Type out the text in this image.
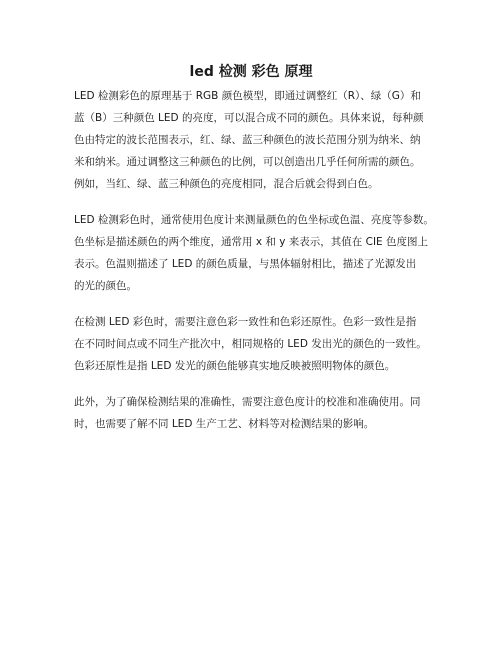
led 检测 彩色 原理
LED 检测彩色的原理基于 RGB 颜色模型，即通过调整红（R）、绿（G）和
蓝（B）三种颜色 LED 的亮度，可以混合成不同的颜色。具体来说，每种颜
色由特定的波长范围表示，红、绿、蓝三种颜色的波长范围分别为纳米、纳
米和纳米。通过调整这三种颜色的比例，可以创造出几乎任何所需的颜色。
例如，当红、绿、蓝三种颜色的亮度相同，混合后就会得到白色。
LED 检测彩色时，通常使用色度计来测量颜色的色坐标或色温、亮度等参数。
色坐标是描述颜色的两个维度，通常用 x 和 y 来表示，其值在 CIE 色度图上
表示。色温则描述了 LED 的颜色质量，与黑体辐射相比，描述了光源发出
的光的颜色。
在检测 LED 彩色时，需要注意色彩一致性和色彩还原性。色彩一致性是指
在不同时间点或不同生产批次中，相同规格的 LED 发出光的颜色的一致性。
色彩还原性是指 LED 发光的颜色能够真实地反映被照明物体的颜色。
此外，为了确保检测结果的准确性，需要注意色度计的校准和准确使用。同
时，也需要了解不同 LED 生产工艺、材料等对检测结果的影响。
